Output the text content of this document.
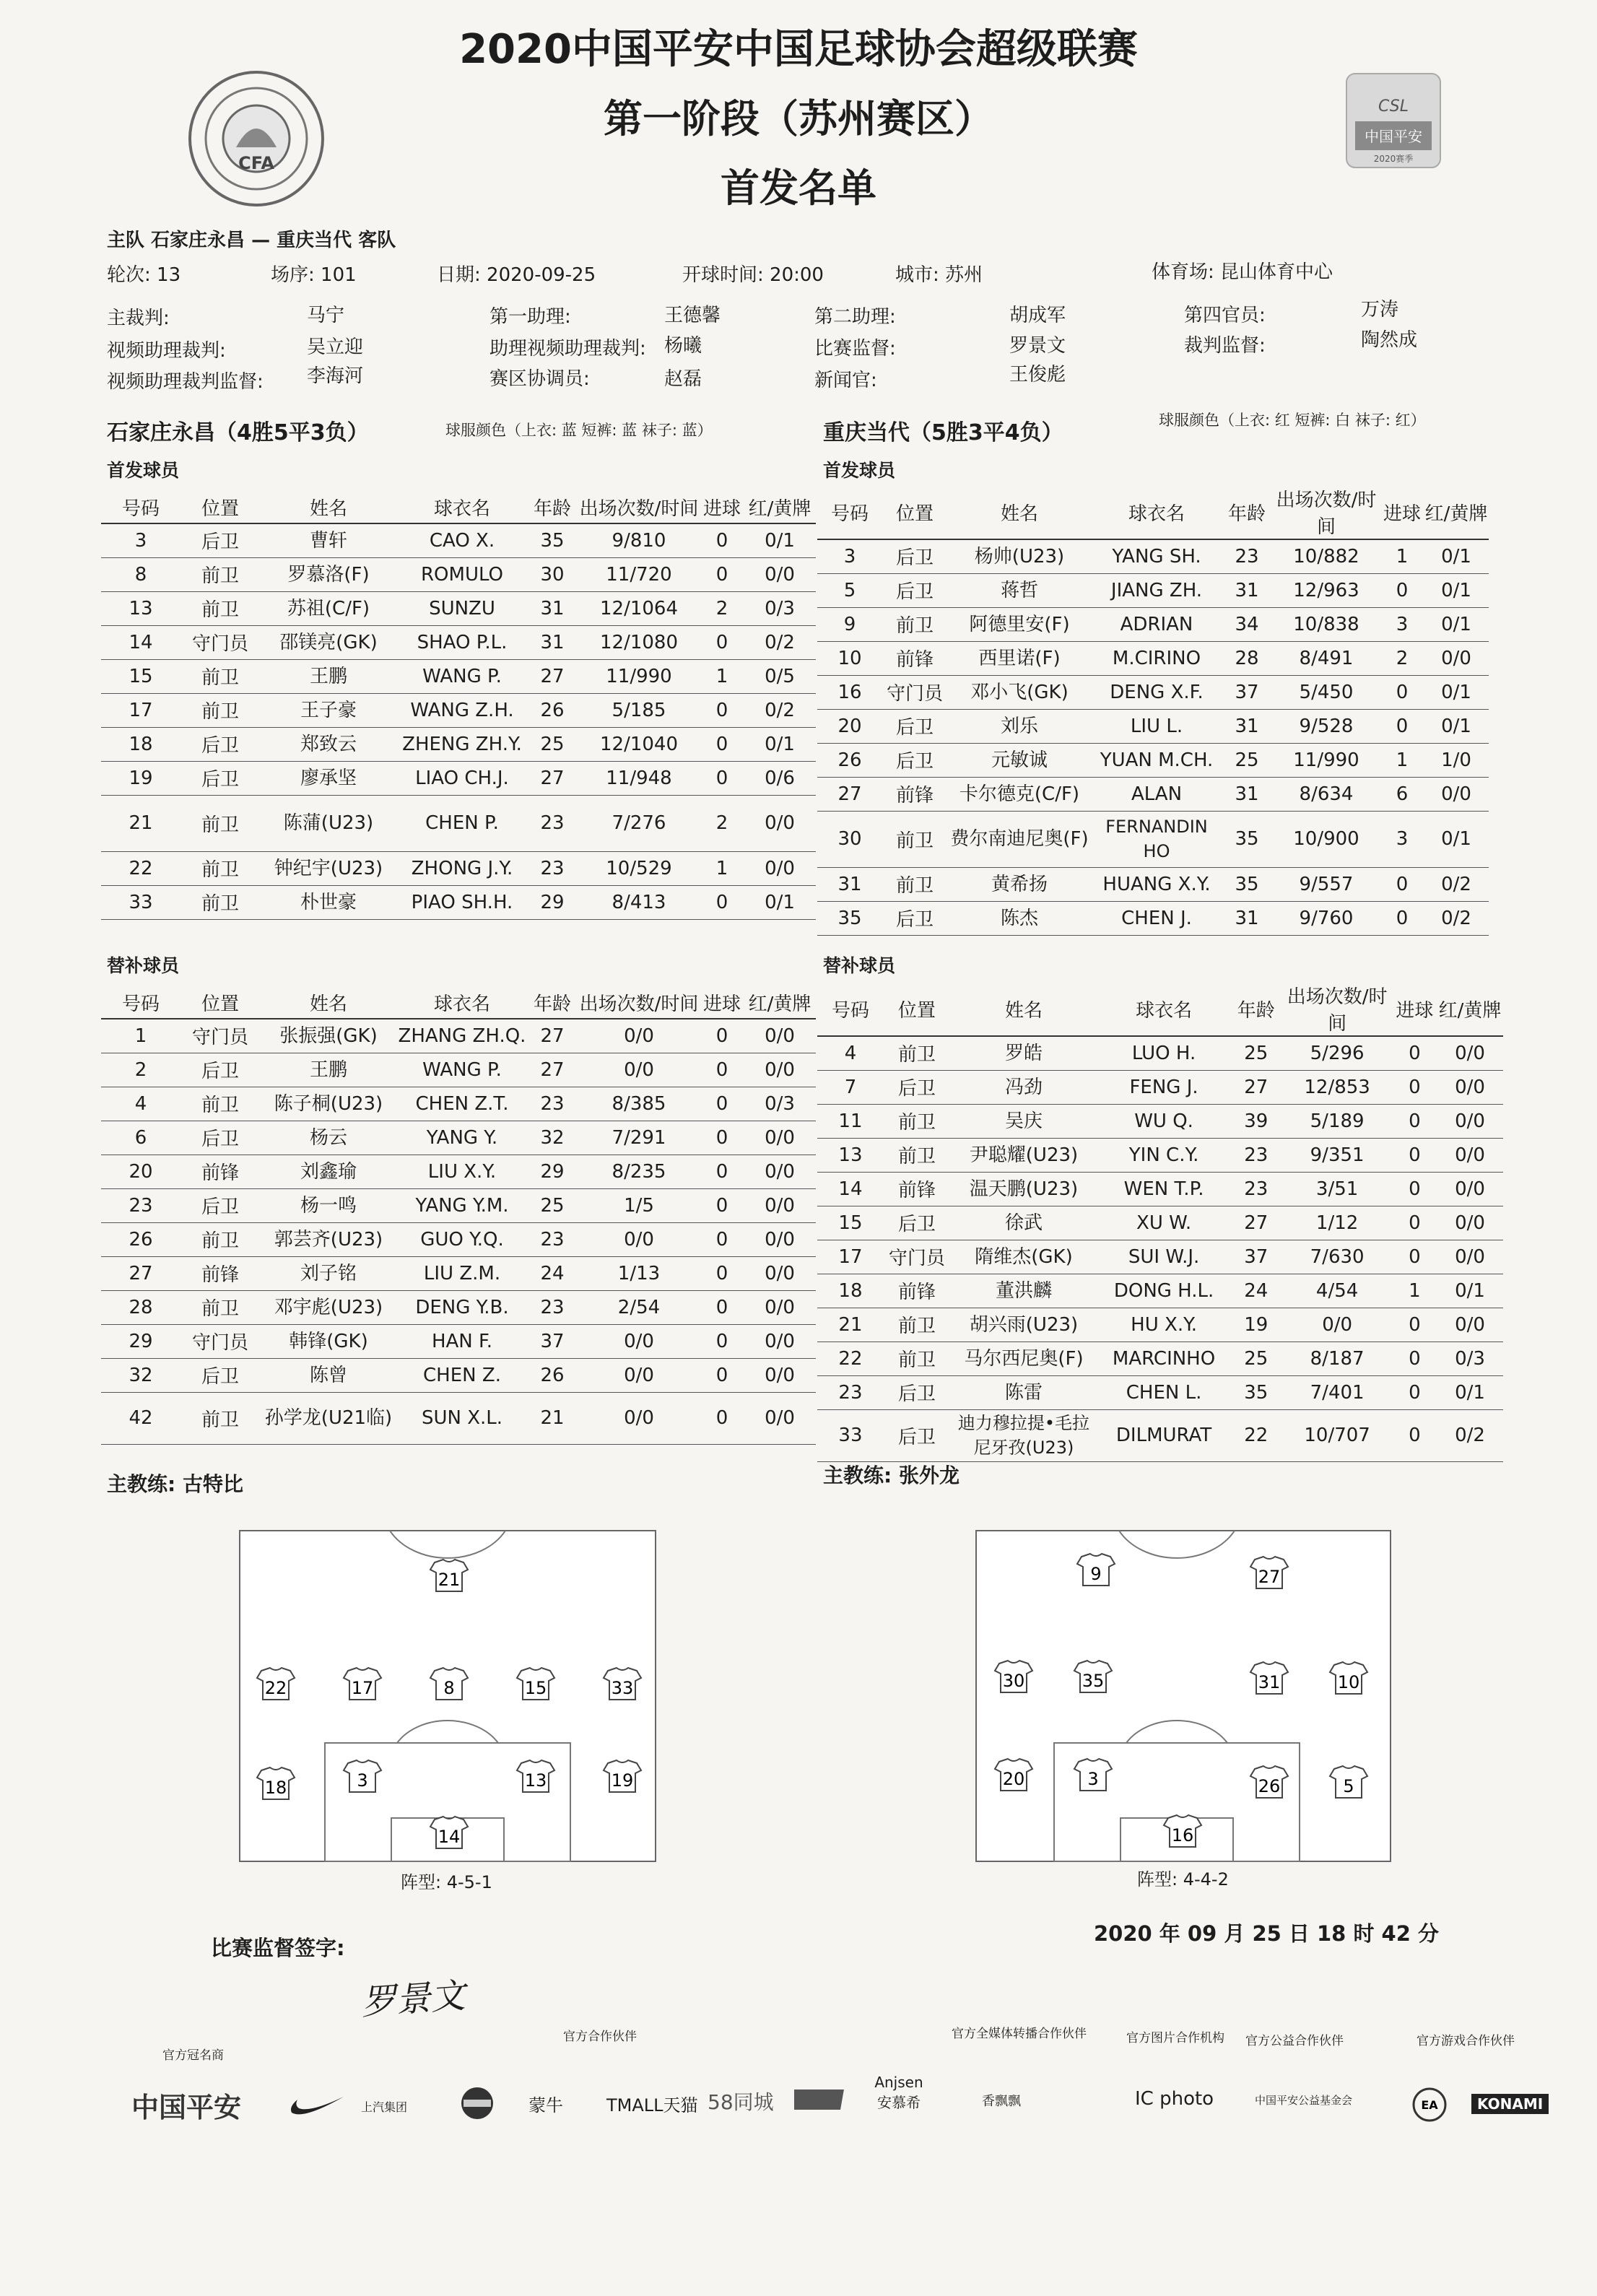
2020中国平安中国足球协会超级联赛
第一阶段（苏州赛区）
首发名单
CFA
CSL
中国平安
2020赛季
主队 石家庄永昌 — 重庆当代 客队
轮次: 13	场序: 101	日期: 2020-09-25	开球时间: 20:00	城市: 苏州	体育场: 昆山体育中心
主裁判:	马宁	第一助理:	王德馨	第二助理:	胡成军	第四官员:	万涛
视频助理裁判:	吴立迎	助理视频助理裁判: 杨曦	比赛监督:	罗景文	裁判监督:	陶然成
视频助理裁判监督: 李海河	赛区协调员:	赵磊	新闻官:	王俊彪
石家庄永昌（4胜5平3负）	球服颜色（上衣: 蓝 短裤: 蓝 袜子: 蓝）	重庆当代（5胜3平4负）	球服颜色（上衣: 红 短裤: 白 袜子: 红）
首发球员	首发球员
号码	位置	姓名	球衣名	年龄	出场次数/时间	进球	红/黄牌
3	后卫	曹轩	CAO X.	35	9/810	0	0/1
8	前卫	罗慕洛(F)	ROMULO	30	11/720	0	0/0
13	前卫	苏祖(C/F)	SUNZU	31	12/1064	2	0/3
14	守门员	邵镁亮(GK)	SHAO P.L.	31	12/1080	0	0/2
15	前卫	王鹏	WANG P.	27	11/990	1	0/5
17	前卫	王子豪	WANG Z.H.	26	5/185	0	0/2
18	后卫	郑致云	ZHENG ZH.Y.	25	12/1040	0	0/1
19	后卫	廖承坚	LIAO CH.J.	27	11/948	0	0/6
21	前卫	陈蒲(U23)	CHEN P.	23	7/276	2	0/0
22	前卫	钟纪宇(U23)	ZHONG J.Y.	23	10/529	1	0/0
33	前卫	朴世豪	PIAO SH.H.	29	8/413	0	0/1
号码	位置	姓名	球衣名	年龄	出场次数/时间	进球	红/黄牌
3	后卫	杨帅(U23)	YANG SH.	23	10/882	1	0/1
5	后卫	蒋哲	JIANG ZH.	31	12/963	0	0/1
9	前卫	阿德里安(F)	ADRIAN	34	10/838	3	0/1
10	前锋	西里诺(F)	M.CIRINO	28	8/491	2	0/0
16	守门员	邓小飞(GK)	DENG X.F.	37	5/450	0	0/1
20	后卫	刘乐	LIU L.	31	9/528	0	0/1
26	后卫	元敏诚	YUAN M.CH.	25	11/990	1	1/0
27	前锋	卡尔德克(C/F)	ALAN	31	8/634	6	0/0
30	前卫	费尔南迪尼奥(F)	FERNANDIN HO	35	10/900	3	0/1
31	前卫	黄希扬	HUANG X.Y.	35	9/557	0	0/2
35	后卫	陈杰	CHEN J.	31	9/760	0	0/2
替补球员	替补球员
号码	位置	姓名	球衣名	年龄	出场次数/时间	进球	红/黄牌
1	守门员	张振强(GK)	ZHANG ZH.Q.	27	0/0	0	0/0
2	后卫	王鹏	WANG P.	27	0/0	0	0/0
4	前卫	陈子桐(U23)	CHEN Z.T.	23	8/385	0	0/3
6	后卫	杨云	YANG Y.	32	7/291	0	0/0
20	前锋	刘鑫瑜	LIU X.Y.	29	8/235	0	0/0
23	后卫	杨一鸣	YANG Y.M.	25	1/5	0	0/0
26	前卫	郭芸齐(U23)	GUO Y.Q.	23	0/0	0	0/0
27	前锋	刘子铭	LIU Z.M.	24	1/13	0	0/0
28	前卫	邓宇彪(U23)	DENG Y.B.	23	2/54	0	0/0
29	守门员	韩锋(GK)	HAN F.	37	0/0	0	0/0
32	后卫	陈曾	CHEN Z.	26	0/0	0	0/0
42	前卫	孙学龙(U21临)	SUN X.L.	21	0/0	0	0/0
号码	位置	姓名	球衣名	年龄	出场次数/时间	进球	红/黄牌
4	前卫	罗皓	LUO H.	25	5/296	0	0/0
7	后卫	冯劲	FENG J.	27	12/853	0	0/0
11	前卫	吴庆	WU Q.	39	5/189	0	0/0
13	前卫	尹聪耀(U23)	YIN C.Y.	23	9/351	0	0/0
14	前锋	温天鹏(U23)	WEN T.P.	23	3/51	0	0/0
15	后卫	徐武	XU W.	27	1/12	0	0/0
17	守门员	隋维杰(GK)	SUI W.J.	37	7/630	0	0/0
18	前锋	董洪麟	DONG H.L.	24	4/54	1	0/1
21	前卫	胡兴雨(U23)	HU X.Y.	19	0/0	0	0/0
22	前卫	马尔西尼奥(F)	MARCINHO	25	8/187	0	0/3
23	后卫	陈雷	CHEN L.	35	7/401	0	0/1
33	后卫	迪力穆拉提•毛拉尼牙孜(U23)	DILMURAT	22	10/707	0	0/2
主教练: 古特比	主教练: 张外龙
21
22	17	8	15	33
18	3	13	19
14
阵型: 4-5-1
9	27
30	35	31	10
20	3	26	5
16
阵型: 4-4-2
比赛监督签字:
罗景文
2020 年 09 月 25 日 18 时 42 分
官方冠名商
官方合作伙伴	官方全媒体转播合作伙伴	官方图片合作机构 官方公益合作伙伴	官方游戏合作伙伴
中国平安	上汽集团	蒙牛	TMALL天猫 58同城
Anjsen 安慕希	香飘飘	IC photo	中国平安公益基金会	EA	KONAMI
